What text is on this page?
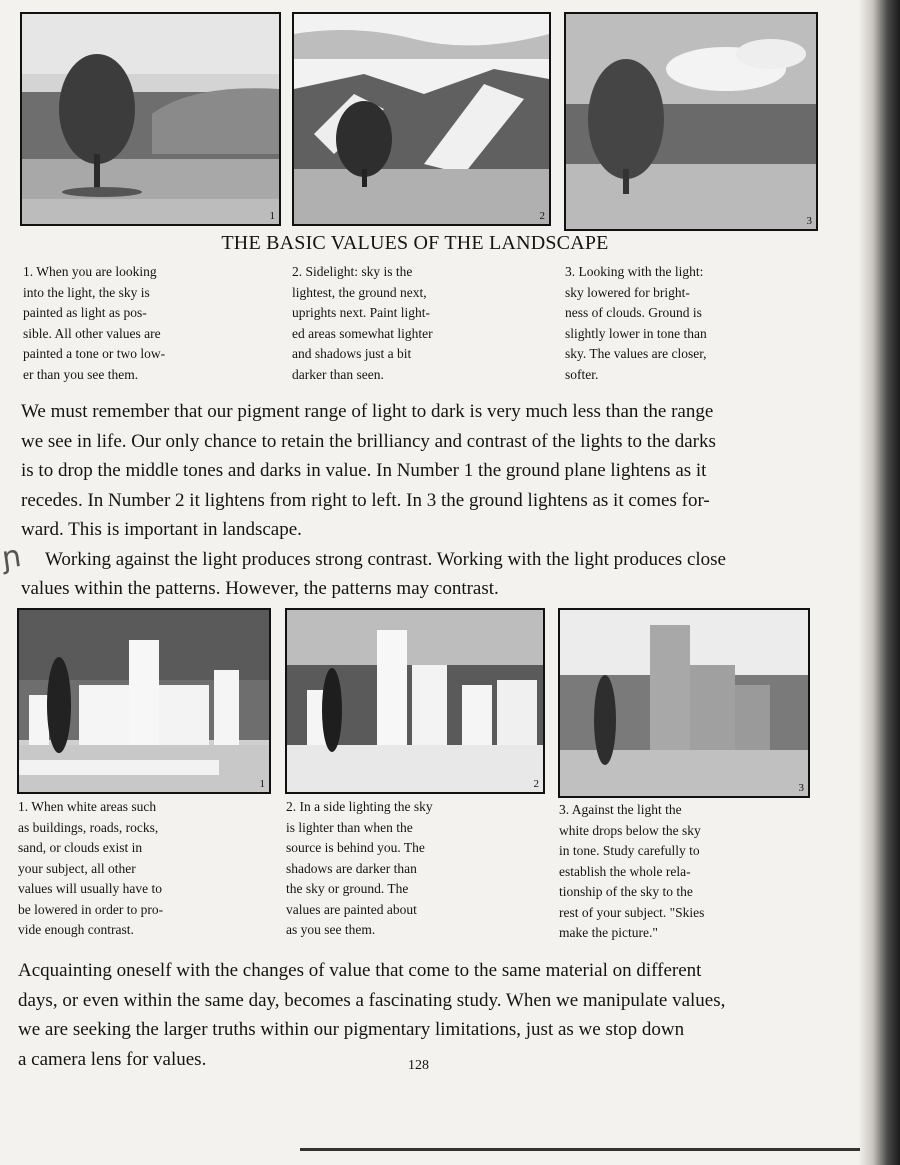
1	2	3
THE BASIC VALUES OF THE LANDSCAPE
1. When you are looking
into the light, the sky is
painted as light as pos-
sible. All other values are
painted a tone or two low-
er than you see them.
2. Sidelight: sky is the
lightest, the ground next,
uprights next. Paint light-
ed areas somewhat lighter
and shadows just a bit
darker than seen.
3. Looking with the light:
sky lowered for bright-
ness of clouds. Ground is
slightly lower in tone than
sky. The values are closer,
softer.
We must remember that our pigment range of light to dark is very much less than the range
we see in life. Our only chance to retain the brilliancy and contrast of the lights to the darks
is to drop the middle tones and darks in value. In Number 1 the ground plane lightens as it
recedes. In Number 2 it lightens from right to left. In 3 the ground lightens as it comes for-
ward. This is important in landscape.
ɲ Working against the light produces strong contrast. Working with the light produces close
values within the patterns. However, the patterns may contrast.
1	2	3
1. When white areas such
as buildings, roads, rocks,
sand, or clouds exist in
your subject, all other
values will usually have to
be lowered in order to pro-
vide enough contrast.
2. In a side lighting the sky
is lighter than when the
source is behind you. The
shadows are darker than
the sky or ground. The
values are painted about
as you see them.
3. Against the light the
white drops below the sky
in tone. Study carefully to
establish the whole rela-
tionship of the sky to the
rest of your subject. "Skies
make the picture."
Acquainting oneself with the changes of value that come to the same material on different
days, or even within the same day, becomes a fascinating study. When we manipulate values,
we are seeking the larger truths within our pigmentary limitations, just as we stop down
a camera lens for values.	128
